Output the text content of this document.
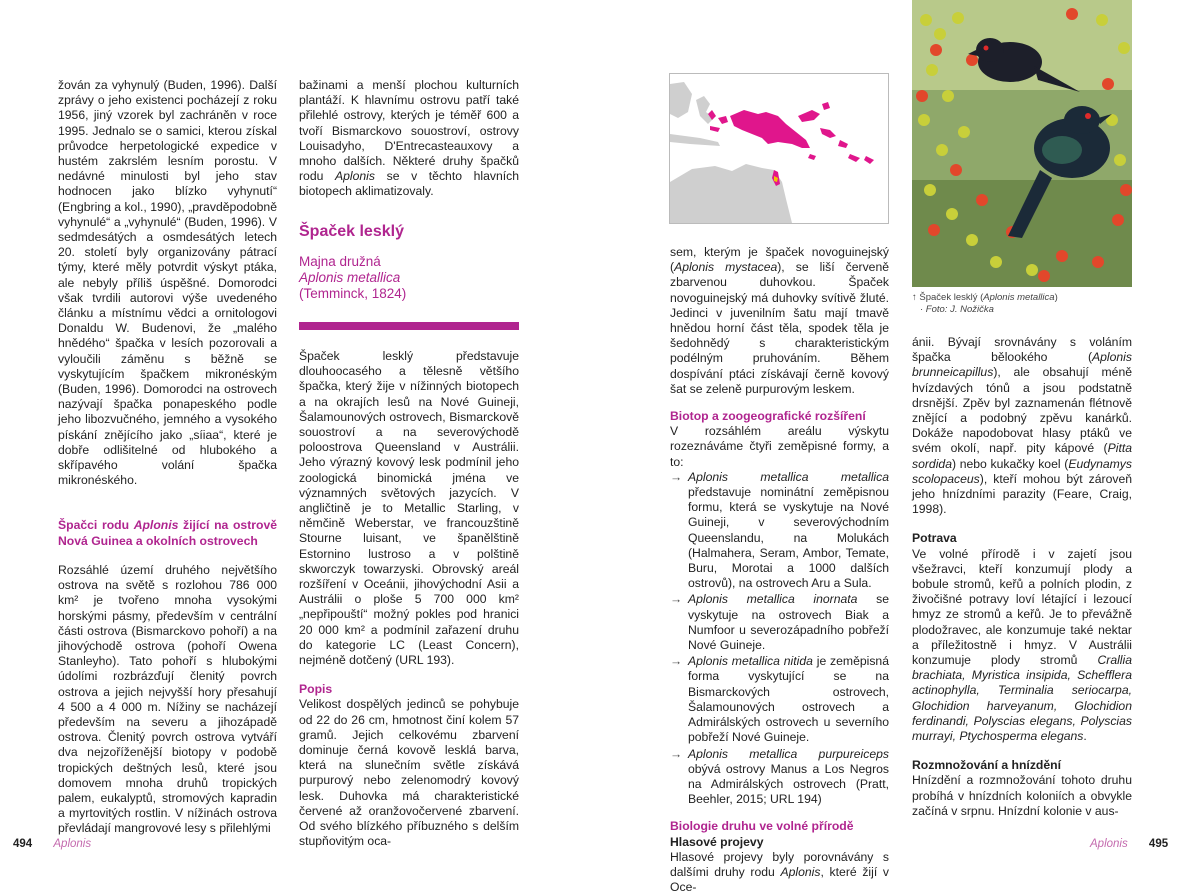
žován za vyhynulý (Buden, 1996). Další zprávy o jeho existenci pocházejí z roku 1956, jiný vzorek byl zachráněn v roce 1995. Jednalo se o samici, kterou získal průvodce herpetologické expedice v hustém zakrslém lesním porostu. V nedávné minulosti byl jeho stav hodnocen jako blízko vyhynutí“ (Engbring a kol., 1990), „pravděpodobně vyhynulé“ a „vyhynulé“ (Buden, 1996). V sedmdesátých a osmdesátých letech 20. století byly organizovány pátrací týmy, které měly potvrdit výskyt ptáka, ale nebyly příliš úspěšné. Domorodci však tvrdili autorovi výše uvedeného článku a místnímu vědci a ornitologovi Donaldu W. Budenovi, že „malého hnědého“ špačka v lesích pozorovali a vyloučili záměnu s běžně se vyskytujícím špačkem mikronéským (Buden, 1996). Domorodci na ostrovech nazývají špačka ponapeského podle jeho libozvučného, jemného a vysokého pískání znějícího jako „síiaa“, které je dobře odlišitelné od hlubokého a skřípavého volání špačka mikronéského.

Špačci rodu Aplonis žijící na ostrově Nová Guinea a okolních ostrovech

Rozsáhlé území druhého největšího ostrova na světě s rozlohou 786 000 km² je tvořeno mnoha vysokými horskými pásmy, především v centrální části ostrova (Bismarckovo pohoří) a na jihovýchodě ostrova (pohoří Owena Stanleyho). Tato pohoří s hlubokými údolími rozbrázďují členitý povrch ostrova a jejich nejvyšší hory přesahují 4 500 a 4 000 m. Nížiny se nacházejí především na severu a jihozápadě ostrova. Členitý povrch ostrova vytváří dva nejzoříženější biotopy v podobě tropických deštných lesů, které jsou domovem mnoha druhů tropických palem, eukalyptů, stromových kapradin a myrtovitých rostlin. V nížinách ostrova převládají mangrovové lesy s přilehlými

bažinami a menší plochou kulturních plantáží. K hlavnímu ostrovu patří také přilehlé ostrovy, kterých je téměř 600 a tvoří Bismarckovo souostroví, ostrovy Louisadyho, D'Entrecasteauxovy a mnoho dalších. Některé druhy špačků rodu Aplonis se v těchto hlavních biotopech aklimatizovaly.

Špaček lesklý

Majna družná

Aplonis metallica

(Temminck, 1824)

Špaček lesklý představuje dlouhoocasého a tělesně většího špačka, který žije v nížinných biotopech a na okrajích lesů na Nové Guineji, Šalamounových ostrovech, Bismarckově souostroví a na severovýchodě poloostrova Queensland v Austrálii. Jeho výrazný kovový lesk podmínil jeho zoologická binomická jména ve významných světových jazycích. V angličtině je to Metallic Starling, v němčině Weberstar, ve francouzštině Stourne luisant, ve španělštině Estornino lustroso a v polštině skworczyk towarzyski. Obrovský areál rozšíření v Oceánii, jihovýchodní Asii a Austrálii o ploše 5 700 000 km² „nepřipouští“ možný pokles pod hranici 20 000 km² a podmínil zařazení druhu do kategorie LC (Least Concern), nejméně dotčený (URL 193).

Popis

Velikost dospělých jedinců se pohybuje od 22 do 26 cm, hmotnost činí kolem 57 gramů. Jejich celkovému zbarvení dominuje černá kovově lesklá barva, která na slunečním světle získává purpurový nebo zelenomodrý kovový lesk. Duhovka má charakteristické červené až oranžovočervené zbarvení. Od svého blízkého příbuzného s delším stupňovitým oca-

494 Aplonis
↑ Špaček lesklý (Aplonis metallica)
· Foto: J. Nožička

sem, kterým je špaček novoguinejský (Aplonis mystacea), se liší červeně zbarvenou duhovkou. Špaček novoguinejský má duhovky svítivě žluté. Jedinci v juvenilním šatu mají tmavě hnědou horní část těla, spodek těla je šedohnědý s charakteristickým podélným pruhováním. Během dospívání ptáci získávají černě kovový šat se zeleně purpurovým leskem.

Biotop a zoogeografické rozšíření

V rozsáhlém areálu výskytu rozeznáváme čtyři zeměpisné formy, a to:

→ Aplonis metallica metallica představuje nominátní zeměpisnou formu, která se vyskytuje na Nové Guineji, v severovýchodním Queenslandu, na Molukách (Halmahera, Seram, Ambor, Temate, Buru, Morotai a 1000 dalších ostrovů), na ostrovech Aru a Sula.
→ Aplonis metallica inornata se vyskytuje na ostrovech Biak a Numfoor u severozápadního pobřeží Nové Guineje.
→ Aplonis metallica nitida je zeměpisná forma vyskytující se na Bismarckových ostrovech, Šalamounových ostrovech a Admirálských ostrovech u severního pobřeží Nové Guineje.
→ Aplonis metallica purpureiceps obývá ostrovy Manus a Los Negros na Admirálských ostrovech (Pratt, Beehler, 2015; URL 194)

Biologie druhu ve volné přírodě

Hlasové projevy

Hlasové projevy byly porovnávány s dalšími druhy rodu Aplonis, které žijí v Oce-

ánii. Bývají srovnávány s voláním špačka bělookého (Aplonis brunneicapillus), ale obsahují méně hvízdavých tónů a jsou podstatně drsnější. Zpěv byl zaznamenán flétnově znějící a podobný zpěvu kanárků. Dokáže napodobovat hlasy ptáků ve svém okolí, např. pity kápové (Pitta sordida) nebo kukačky koel (Eudynamys scolopaceus), kteří mohou být zároveň jeho hnízdními parazity (Feare, Craig, 1998).

Potrava

Ve volné přírodě i v zajetí jsou všežravci, kteří konzumují plody a bobule stromů, keřů a polních plodin, z živočišné potravy loví létající i lezoucí hmyz ze stromů a keřů. Je to převážně plodožravec, ale konzumuje také nektar a příležitostně i hmyz. V Austrálii konzumuje plody stromů Crallia brachiata, Myristica insipida, Schefflera actinophylla, Terminalia seriocarpa, Glochidion harveyanum, Glochidion ferdinandi, Polyscias elegans, Polyscias murrayi, Ptychosperma elegans.

Rozmnožování a hnízdění

Hnízdění a rozmnožování tohoto druhu probíhá v hnízdních koloniích a obvykle začíná v srpnu. Hnízdní kolonie v aus-

Aplonis 495
